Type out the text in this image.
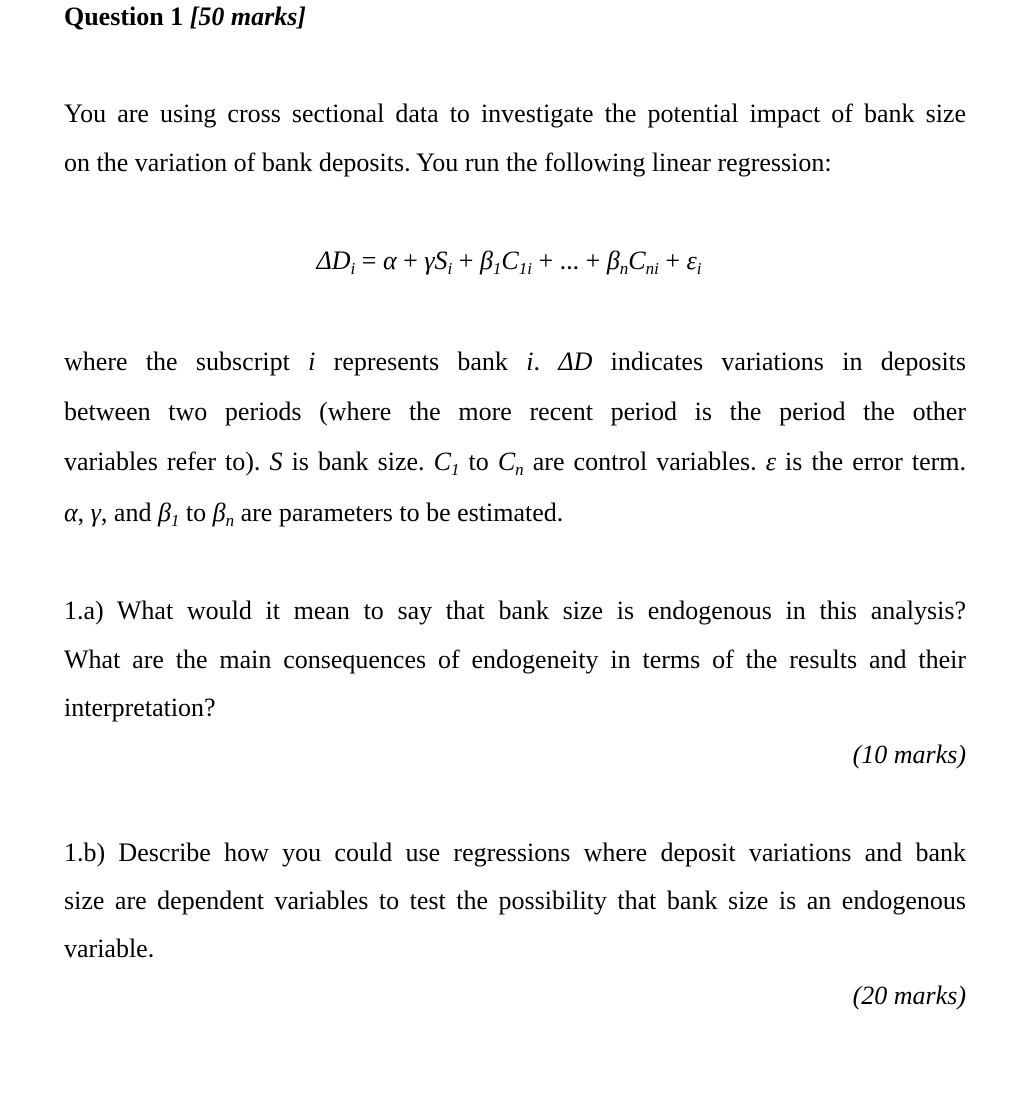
Question 1 [50 marks]
You are using cross sectional data to investigate the potential impact of bank size
on the variation of bank deposits. You run the following linear regression:
$\Delta D_i = \alpha + \gamma S_i + \beta_1C_{1i}$ + ... + $\beta_nC_{ni} + \varepsilon_i$
where the subscript i represents bank i. ΔD indicates variations in deposits
between two periods (where the more recent period is the period the other
variables refer to). S is bank size. $C_1$ to $C_n$ are control variables. ε is the error term.
α, γ, and $\beta_1$ to $\beta_n$ are parameters to be estimated.
1.a) What would it mean to say that bank size is endogenous in this analysis?
What are the main consequences of endogeneity in terms of the results and their
interpretation?
(10 marks)
1.b) Describe how you could use regressions where deposit variations and bank
size are dependent variables to test the possibility that bank size is an endogenous
variable.
(20 marks)
